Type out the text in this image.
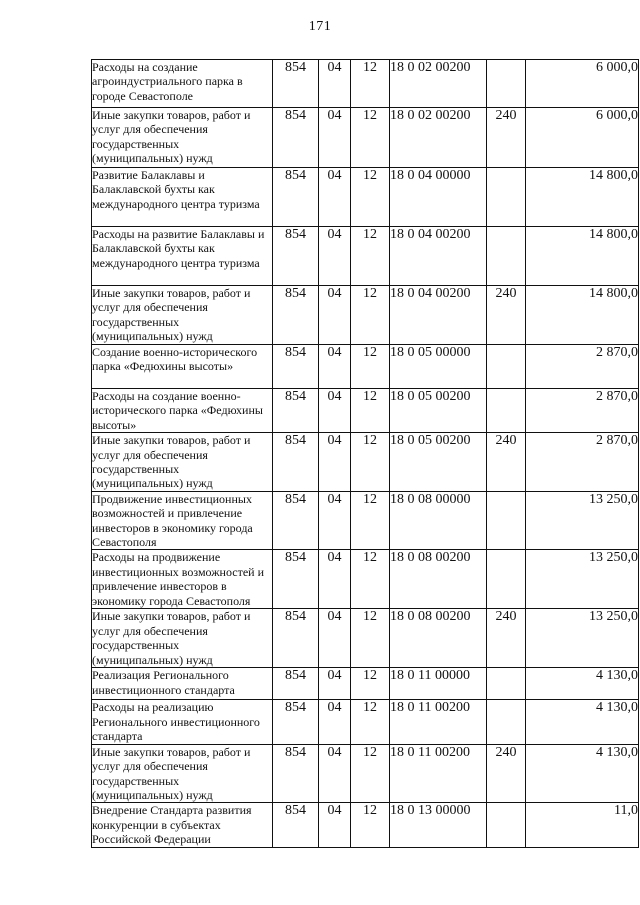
171
Расходы на создание агроиндустриального парка в городе Севастополе	854	04	12	18 0 02 00200		6 000,0
Иные закупки товаров, работ и услуг для обеспечения государственных (муниципальных) нужд	854	04	12	18 0 02 00200	240	6 000,0
Развитие Балаклавы и Балаклавской бухты как международного центра туризма	854	04	12	18 0 04 00000		14 800,0
Расходы на развитие Балаклавы и Балаклавской бухты как международного центра туризма	854	04	12	18 0 04 00200		14 800,0
Иные закупки товаров, работ и услуг для обеспечения государственных (муниципальных) нужд	854	04	12	18 0 04 00200	240	14 800,0
Создание военно-исторического парка «Федюхины высоты»	854	04	12	18 0 05 00000		2 870,0
Расходы на создание военно-исторического парка «Федюхины высоты»	854	04	12	18 0 05 00200		2 870,0
Иные закупки товаров, работ и услуг для обеспечения государственных (муниципальных) нужд	854	04	12	18 0 05 00200	240	2 870,0
Продвижение инвестиционных возможностей и привлечение инвесторов в экономику города Севастополя	854	04	12	18 0 08 00000		13 250,0
Расходы на продвижение инвестиционных возможностей и привлечение инвесторов в экономику города Севастополя	854	04	12	18 0 08 00200		13 250,0
Иные закупки товаров, работ и услуг для обеспечения государственных (муниципальных) нужд	854	04	12	18 0 08 00200	240	13 250,0
Реализация Регионального инвестиционного стандарта	854	04	12	18 0 11 00000		4 130,0
Расходы на реализацию Регионального инвестиционного стандарта	854	04	12	18 0 11 00200		4 130,0
Иные закупки товаров, работ и услуг для обеспечения государственных (муниципальных) нужд	854	04	12	18 0 11 00200	240	4 130,0
Внедрение Стандарта развития конкуренции в субъектах Российской Федерации	854	04	12	18 0 13 00000		11,0
